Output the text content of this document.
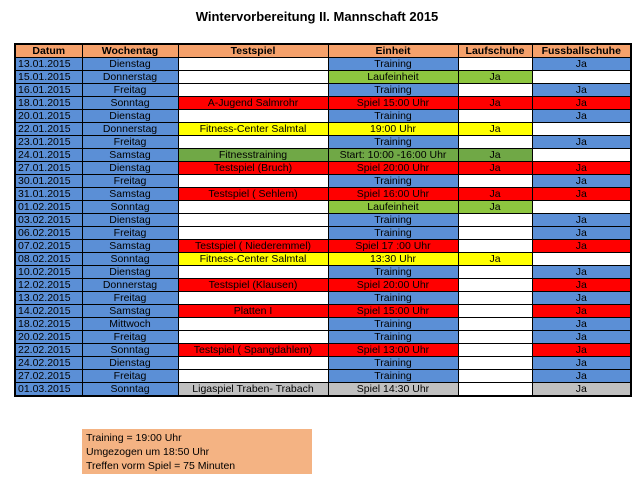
Wintervorbereitung II. Mannschaft 2015
Datum	Wochentag	Testspiel	Einheit	Laufschuhe	Fussballschuhe
13.01.2015	Dienstag		Training		Ja
15.01.2015	Donnerstag		Laufeinheit	Ja	
16.01.2015	Freitag		Training		Ja
18.01.2015	Sonntag	A-Jugend Salmrohr	Spiel 15:00 Uhr	Ja	Ja
20.01.2015	Dienstag		Training		Ja
22.01.2015	Donnerstag	Fitness-Center Salmtal	19:00 Uhr	Ja	
23.01.2015	Freitag		Training		Ja
24.01.2015	Samstag	Fitnesstraining	Start: 10:00 -16:00 Uhr	Ja	
27.01.2015	Dienstag	Testspiel (Bruch)	Spiel 20:00 Uhr	Ja	Ja
30.01.2015	Freitag		Training		Ja
31.01.2015	Samstag	Testspiel ( Sehlem)	Spiel 16:00 Uhr	Ja	Ja
01.02.2015	Sonntag		Laufeinheit	Ja	
03.02.2015	Dienstag		Training		Ja
06.02.2015	Freitag		Training		Ja
07.02.2015	Samstag	Testspiel ( Niederemmel)	Spiel 17 :00 Uhr		Ja
08.02.2015	Sonntag	Fitness-Center Salmtal	13:30 Uhr	Ja	
10.02.2015	Dienstag		Training		Ja
12.02.2015	Donnerstag	Testspiel (Klausen)	Spiel 20:00 Uhr		Ja
13.02.2015	Freitag		Training		Ja
14.02.2015	Samstag	Platten I	Spiel 15:00 Uhr		Ja
18.02.2015	Mittwoch		Training		Ja
20.02.2015	Freitag		Training		Ja
22.02.2015	Sonntag	Testspiel ( Spangdahlem)	Spiel 13:00 Uhr		Ja
24.02.2015	Dienstag		Training		Ja
27.02.2015	Freitag		Training		Ja
01.03.2015	Sonntag	Ligaspiel Traben- Trabach	Spiel 14:30 Uhr		Ja
Training = 19:00 Uhr
Umgezogen um 18:50 Uhr
Treffen vorm Spiel = 75 Minuten
